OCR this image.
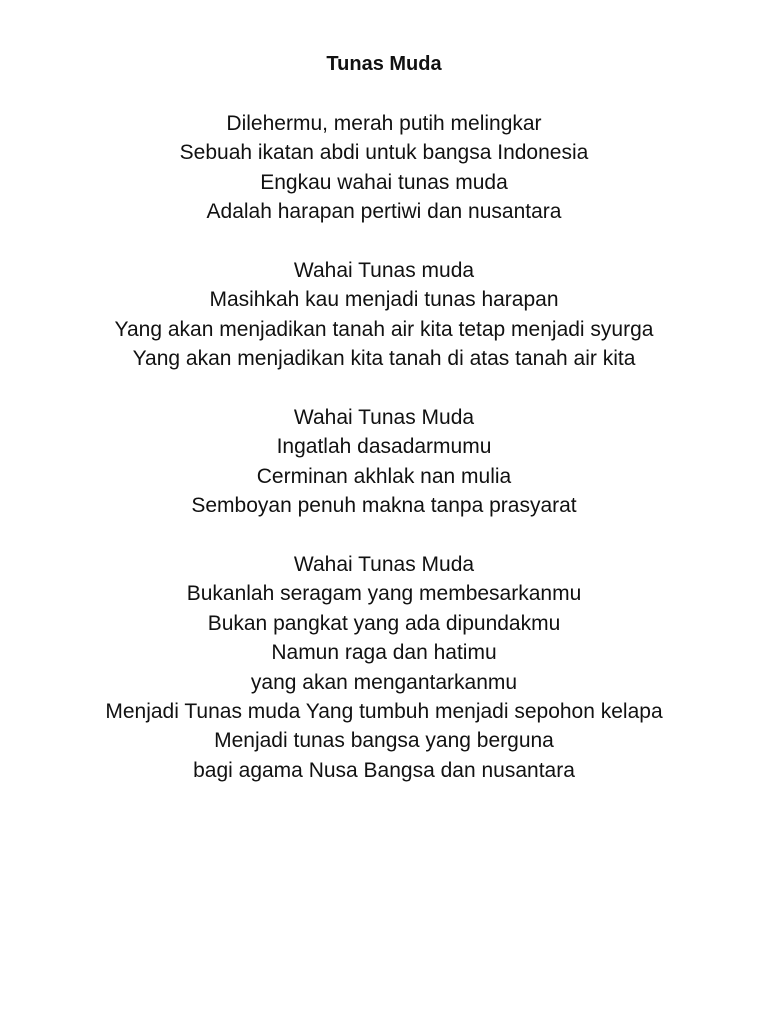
Tunas Muda
Dilehermu, merah putih melingkar
Sebuah ikatan abdi untuk bangsa Indonesia
Engkau wahai tunas muda
Adalah harapan pertiwi dan nusantara
Wahai Tunas muda
Masihkah kau menjadi tunas harapan
Yang akan menjadikan tanah air kita tetap menjadi syurga
Yang akan menjadikan kita tanah di atas tanah air kita
Wahai Tunas Muda
Ingatlah dasadarmumu
Cerminan akhlak nan mulia
Semboyan penuh makna tanpa prasyarat
Wahai Tunas Muda
Bukanlah seragam yang membesarkanmu
Bukan pangkat yang ada dipundakmu
Namun raga dan hatimu
yang akan mengantarkanmu
Menjadi Tunas muda Yang tumbuh menjadi sepohon kelapa
Menjadi tunas bangsa yang berguna
bagi agama Nusa Bangsa dan nusantara
